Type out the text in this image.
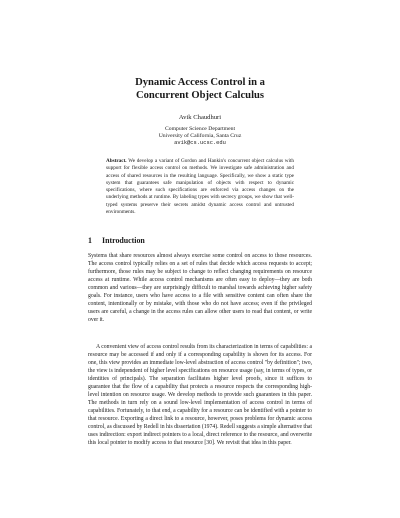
Dynamic Access Control in a
Concurrent Object Calculus
Avik Chaudhuri
Computer Science Department
University of California, Santa Cruz
avik@cs.ucsc.edu
Abstract. We develop a variant of Gordon and Hankin's concurrent object calculus with support for flexible access control on methods. We investigate safe administration and access of shared resources in the resulting language. Specifically, we show a static type system that guarantees safe manipulation of objects with respect to dynamic specifications, where such specifications are enforced via access changes on the underlying methods at runtime. By labeling types with secrecy groups, we show that well-typed systems preserve their secrets amidst dynamic access control and untrusted environments.
1 Introduction
Systems that share resources almost always exercise some control on access to those resources. The access control typically relies on a set of rules that decide which access requests to accept; furthermore, those rules may be subject to change to reflect changing requirements on resource access at runtime. While access control mechanisms are often easy to deploy—they are both common and various—they are surprisingly difficult to marshal towards achieving higher safety goals. For instance, users who have access to a file with sensitive content can often share the content, intentionally or by mistake, with those who do not have access; even if the privileged users are careful, a change in the access rules can allow other users to read that content, or write over it.
A convenient view of access control results from its characterization in terms of capabilities: a resource may be accessed if and only if a corresponding capability is shown for its access. For one, this view provides an immediate low-level abstraction of access control "by definition"; two, the view is independent of higher level specifications on resource usage (say, in terms of types, or identities of principals). The separation facilitates higher level proofs, since it suffices to guarantee that the flow of a capability that protects a resource respects the corresponding high-level intention on resource usage. We develop methods to provide such guarantees in this paper. The methods in turn rely on a sound low-level implementation of access control in terms of capabilities. Fortunately, to that end, a capability for a resource can be identified with a pointer to that resource. Exporting a direct link to a resource, however, poses problems for dynamic access control, as discussed by Redell in his dissertation (1974). Redell suggests a simple alternative that uses indirection: export indirect pointers to a local, direct reference to the resource, and overwrite this local pointer to modify access to that resource [30]. We revisit that idea in this paper.
